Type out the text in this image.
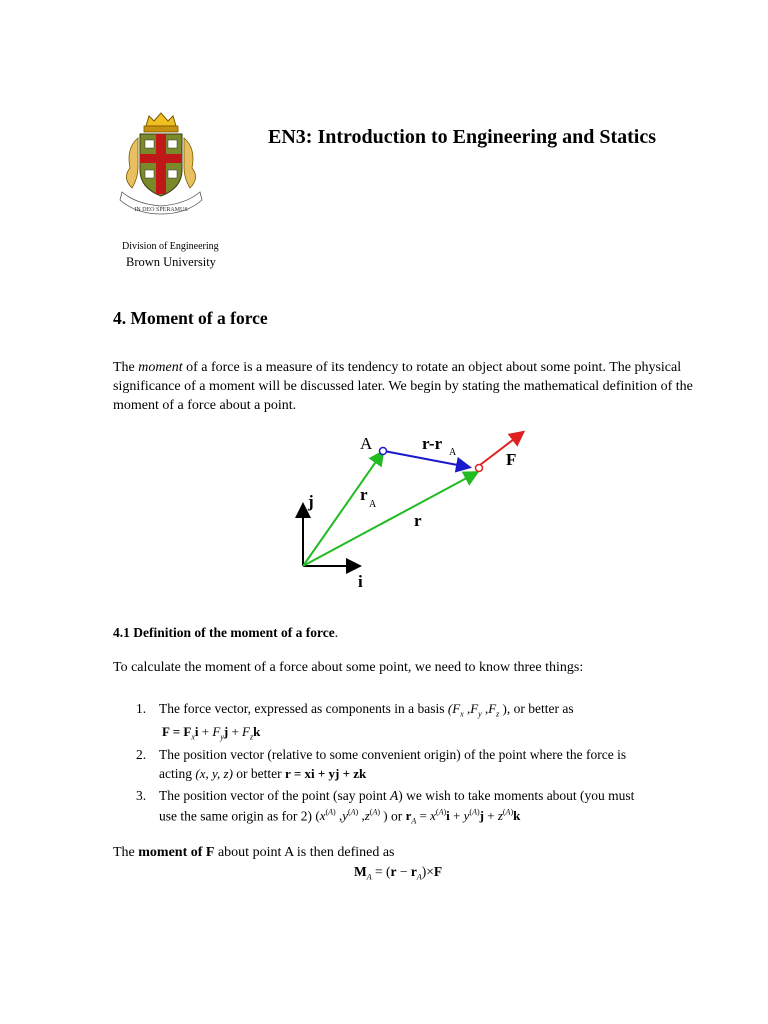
IN DEO SPERAMUS
EN3: Introduction to Engineering and Statics
Division of Engineering
Brown University
4. Moment of a force
The moment of a force is a measure of its tendency to rotate an object about some point. The physical significance of a moment will be discussed later. We begin by stating the mathematical definition of the moment of a force about a point.
A	r-r A	F
j	r
A
r
i
4.1 Definition of the moment of a force.
To calculate the moment of a force about some point, we need to know three things:
1. The force vector, expressed as components in a basis ($F_x$ $,F_y$ $,F_z$ ), or better as
$F = F_xi + F_yj + F_zk$
2. The position vector (relative to some convenient origin) of the point where the force is
acting (x, y, z) or better r = xi + yj + zk
3. The position vector of the point (say point A) we wish to take moments about (you must
use the same origin as for 2) ($x^{(A)}$ $,y^{(A)}$ $,z^{(A)}$ ) or $r_A = x^{(A)}i + y^{(A)}j + z^{(A)}k$
The moment of F about point A is then defined as
$M_A = (r - r_A)\times F$
